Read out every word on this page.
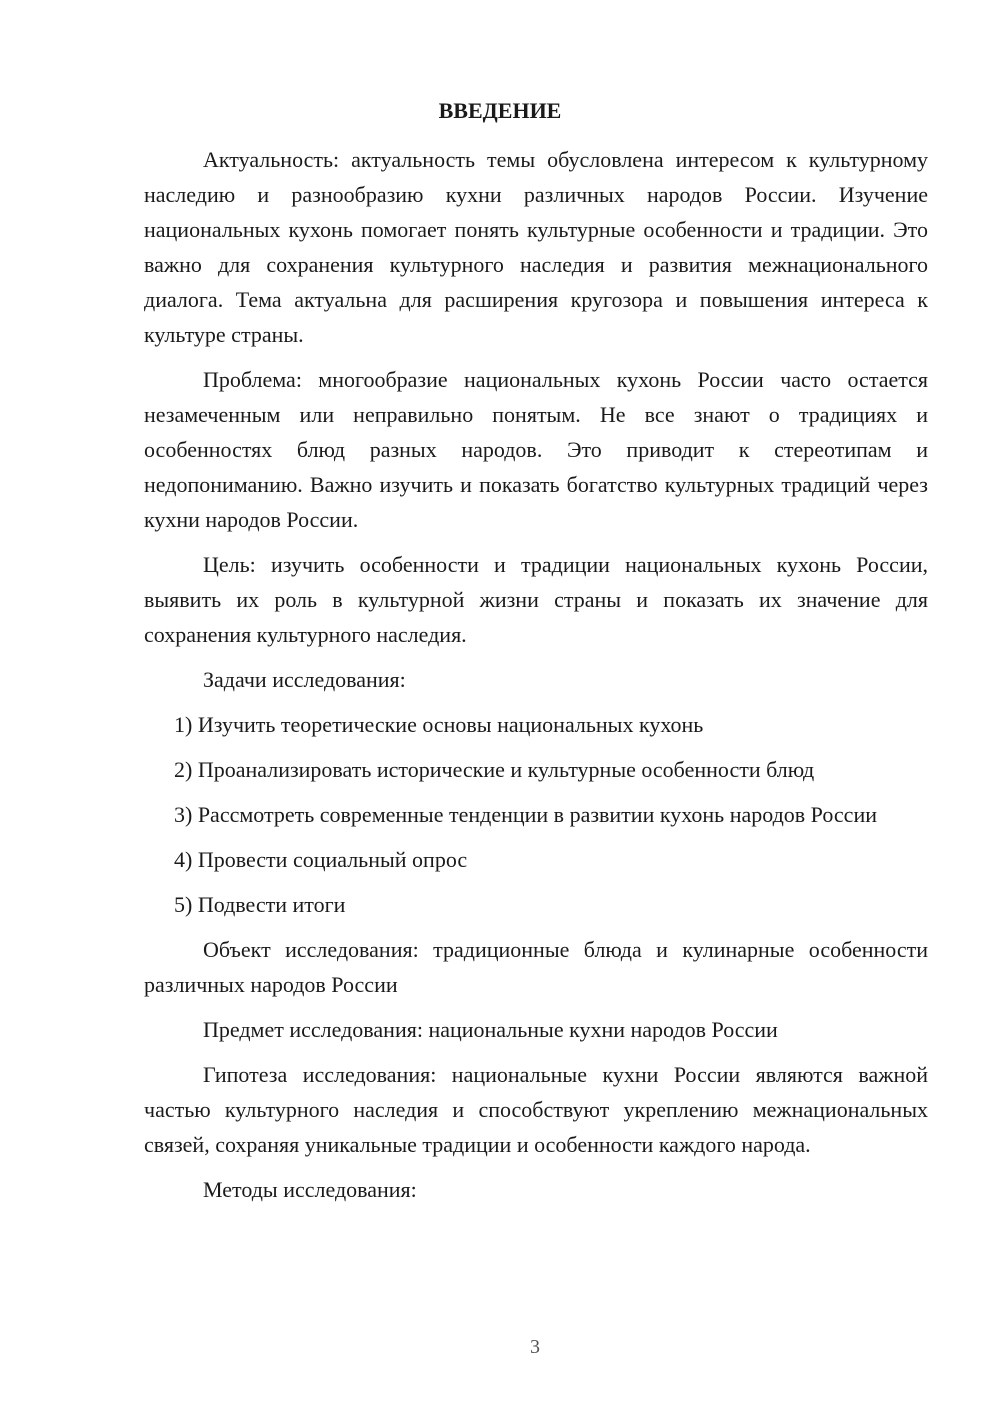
ВВЕДЕНИЕ

Актуальность: актуальность темы обусловлена интересом к культурному наследию и разнообразию кухни различных народов России. Изучение национальных кухонь помогает понять культурные особенности и традиции. Это важно для сохранения культурного наследия и развития межнационального диалога. Тема актуальна для расширения кругозора и повышения интереса к культуре страны.

Проблема: многообразие национальных кухонь России часто остается незамеченным или неправильно понятым. Не все знают о традициях и особенностях блюд разных народов. Это приводит к стереотипам и недопониманию. Важно изучить и показать богатство культурных традиций через кухни народов России.

Цель: изучить особенности и традиции национальных кухонь России, выявить их роль в культурной жизни страны и показать их значение для сохранения культурного наследия.

Задачи исследования:

1) Изучить теоретические основы национальных кухонь

2) Проанализировать исторические и культурные особенности блюд

3) Рассмотреть современные тенденции в развитии кухонь народов России

4) Провести социальный опрос

5) Подвести итоги

Объект исследования: традиционные блюда и кулинарные особенности различных народов России

Предмет исследования: национальные кухни народов России

Гипотеза исследования: национальные кухни России являются важной частью культурного наследия и способствуют укреплению межнациональных связей, сохраняя уникальные традиции и особенности каждого народа.

Методы исследования:

3
